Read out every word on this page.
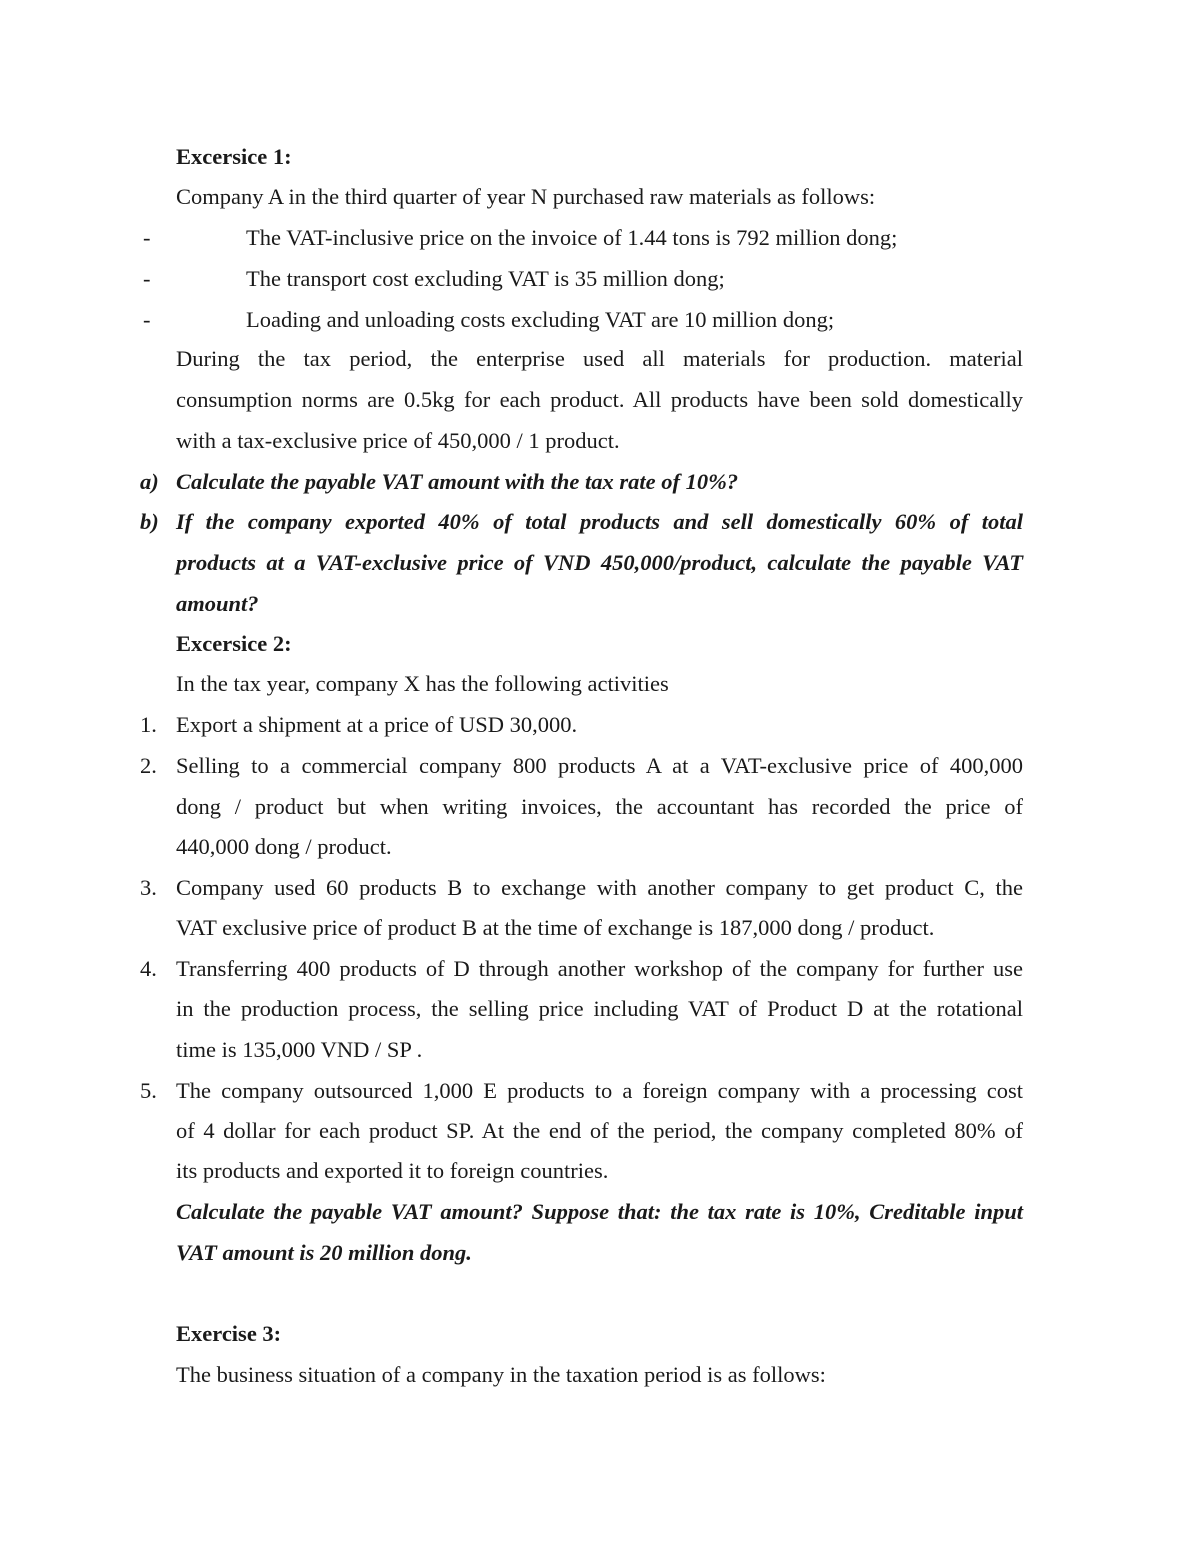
Excersice 1:
Company A in the third quarter of year N purchased raw materials as follows:
-	The VAT-inclusive price on the invoice of 1.44 tons is 792 million dong;
-	The transport cost excluding VAT is 35 million dong;
-	Loading and unloading costs excluding VAT are 10 million dong;
During the tax period, the enterprise used all materials for production. material
consumption norms are 0.5kg for each product. All products have been sold domestically
with a tax-exclusive price of 450,000 / 1 product.
a) Calculate the payable VAT amount with the tax rate of 10%?
b) If the company exported 40% of total products and sell domestically 60% of total
products at a VAT-exclusive price of VND 450,000/product, calculate the payable VAT
amount?
Excersice 2:
In the tax year, company X has the following activities
1. Export a shipment at a price of USD 30,000.
2. Selling to a commercial company 800 products A at a VAT-exclusive price of 400,000
dong / product but when writing invoices, the accountant has recorded the price of
440,000 dong / product.
3. Company used 60 products B to exchange with another company to get product C, the
VAT exclusive price of product B at the time of exchange is 187,000 dong / product.
4. Transferring 400 products of D through another workshop of the company for further use
in the production process, the selling price including VAT of Product D at the rotational
time is 135,000 VND / SP .
5. The company outsourced 1,000 E products to a foreign company with a processing cost
of 4 dollar for each product SP. At the end of the period, the company completed 80% of
its products and exported it to foreign countries.
Calculate the payable VAT amount? Suppose that: the tax rate is 10%, Creditable input
VAT amount is 20 million dong.
Exercise 3:
The business situation of a company in the taxation period is as follows:
